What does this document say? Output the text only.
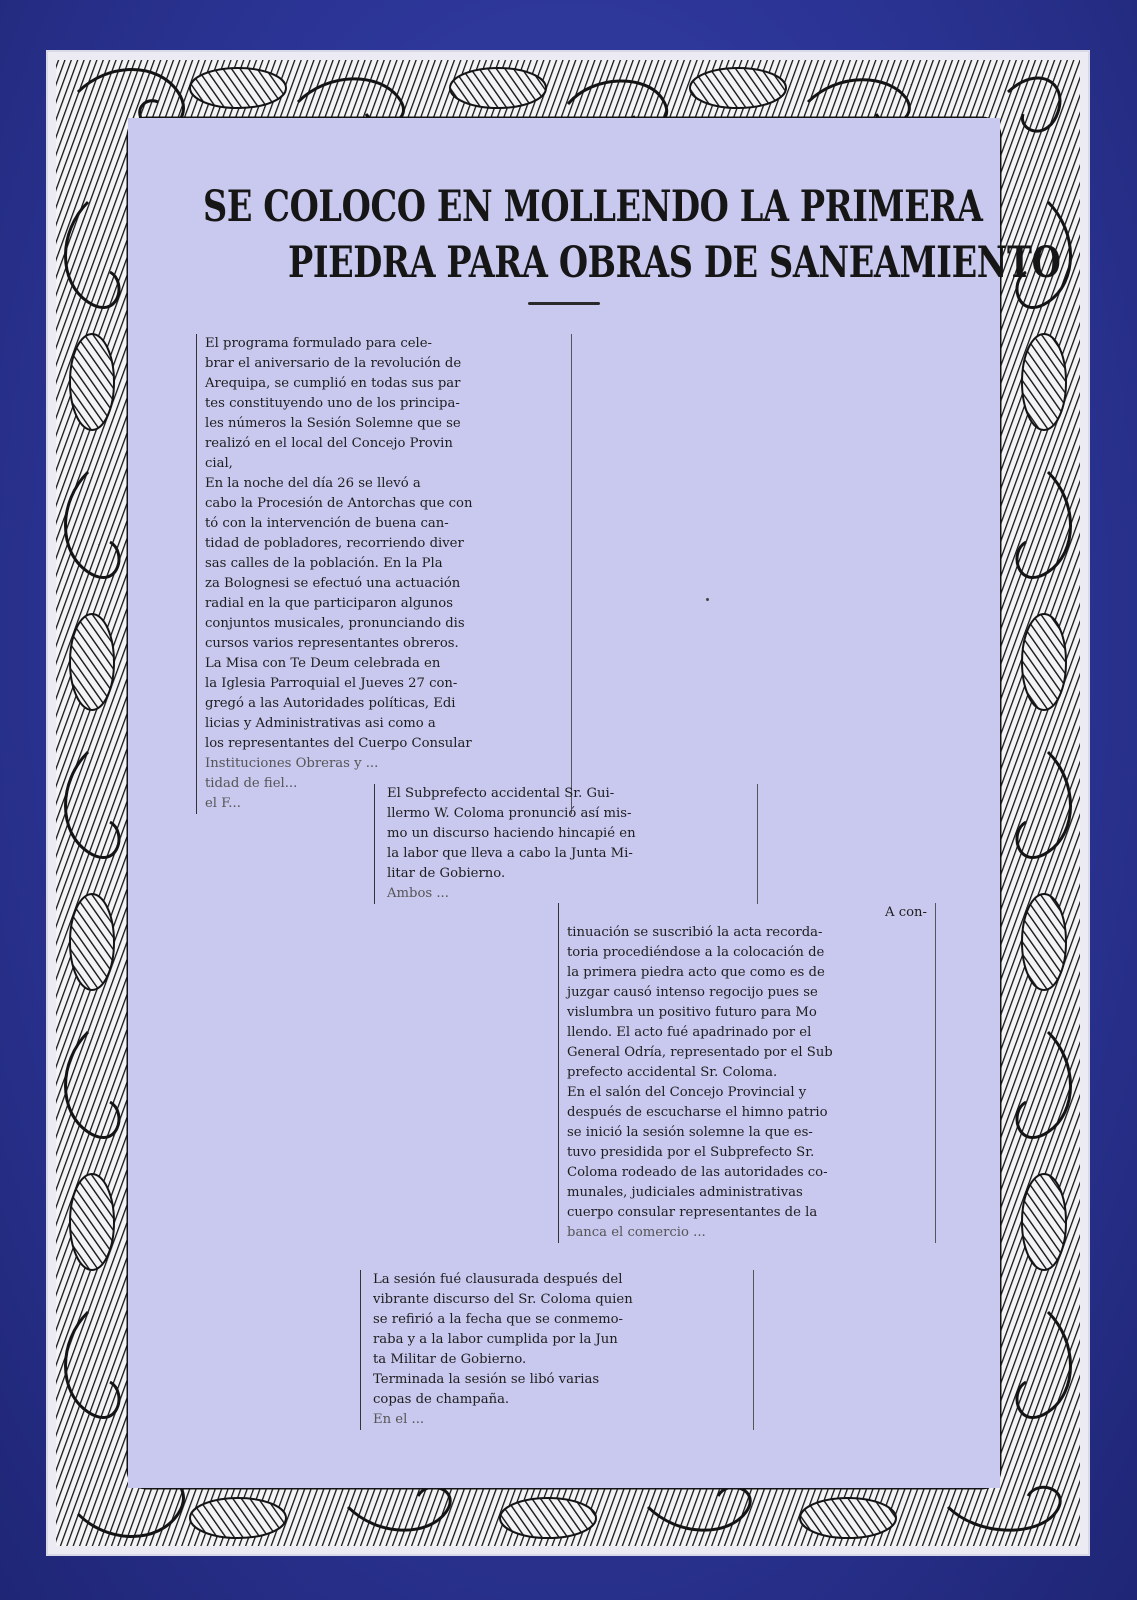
SE COLOCO EN MOLLENDO LA PRIMERA
PIEDRA PARA OBRAS DE SANEAMIENTO
El programa formulado para cele-
brar el aniversario de la revolución de
Arequipa, se cumplió en todas sus par
tes constituyendo uno de los principa-
les números la Sesión Solemne que se
realizó en el local del Concejo Provin
cial,
En la noche del día 26 se llevó a
cabo la Procesión de Antorchas que con
tó con la intervención de buena can-
tidad de pobladores, recorriendo diver
sas calles de la población. En la Pla
za Bolognesi se efectuó una actuación
radial en la que participaron algunos
conjuntos musicales, pronunciando dis
cursos varios representantes obreros.
La Misa con Te Deum celebrada en
la Iglesia Parroquial el Jueves 27 con-
gregó a las Autoridades políticas, Edi
licias y Administrativas asi como a
los representantes del Cuerpo Consular
Instituciones Obreras y ...
tidad de fiel...
el F...
El Subprefecto accidental Sr. Gui-
llermo W. Coloma pronunció así mis-
mo un discurso haciendo hincapié en
la labor que lleva a cabo la Junta Mi-
litar de Gobierno.
Ambos ...
A con-
tinuación se suscribió la acta recorda-
toria procediéndose a la colocación de
la primera piedra acto que como es de
juzgar causó intenso regocijo pues se
vislumbra un positivo futuro para Mo
llendo. El acto fué apadrinado por el
General Odría, representado por el Sub
prefecto accidental Sr. Coloma.
En el salón del Concejo Provincial y
después de escucharse el himno patrio
se inició la sesión solemne la que es-
tuvo presidida por el Subprefecto Sr.
Coloma rodeado de las autoridades co-
munales, judiciales administrativas
cuerpo consular representantes de la
banca el comercio ...
La sesión fué clausurada después del
vibrante discurso del Sr. Coloma quien
se refirió a la fecha que se conmemo-
raba y a la labor cumplida por la Jun
ta Militar de Gobierno.
Terminada la sesión se libó varias
copas de champaña.
En el ...
